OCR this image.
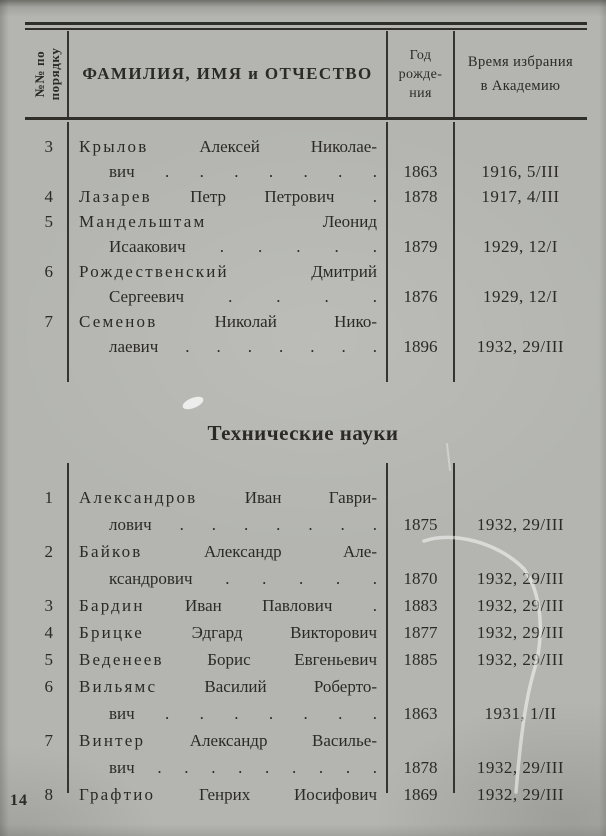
№№ по порядку	ФАМИЛИЯ, ИМЯ и ОТЧЕСТВО
Год
рожде-
ния
Время избрания
в Академию
3	Крылов Алексей Николае-
вич . . . . . . .	1863	1916, 5/III
4	Лазарев Петр Петрович .	1878	1917, 4/III
5	Мандельштам Леонид
Исаакович . . . . .	1879	1929, 12/I
6	Рождественский Дмитрий
Сергеевич . . . .	1876	1929, 12/I
7	Семенов Николай Нико-
лаевич . . . . . . .	1896	1932, 29/III
Технические науки
1	Александров Иван Гаври-
лович . . . . . . .	1875	1932, 29/III
2	Байков Александр Але-
ксандрович . . . . .	1870	1932, 29/III
3	Бардин Иван Павлович .	1883	1932, 29/III
4	Брицке Эдгард Викторович	1877	1932, 29/III
5	Веденеев Борис Евгеньевич	1885	1932, 29/III
6	Вильямс Василий Роберто-
вич . . . . . . .	1863	1931, 1/II
7	Винтер Александр Василье-
вич . . . . . . . . .	1878	1932, 29/III
8	Графтио Генрих Иосифович	1869	1932, 29/III
14
